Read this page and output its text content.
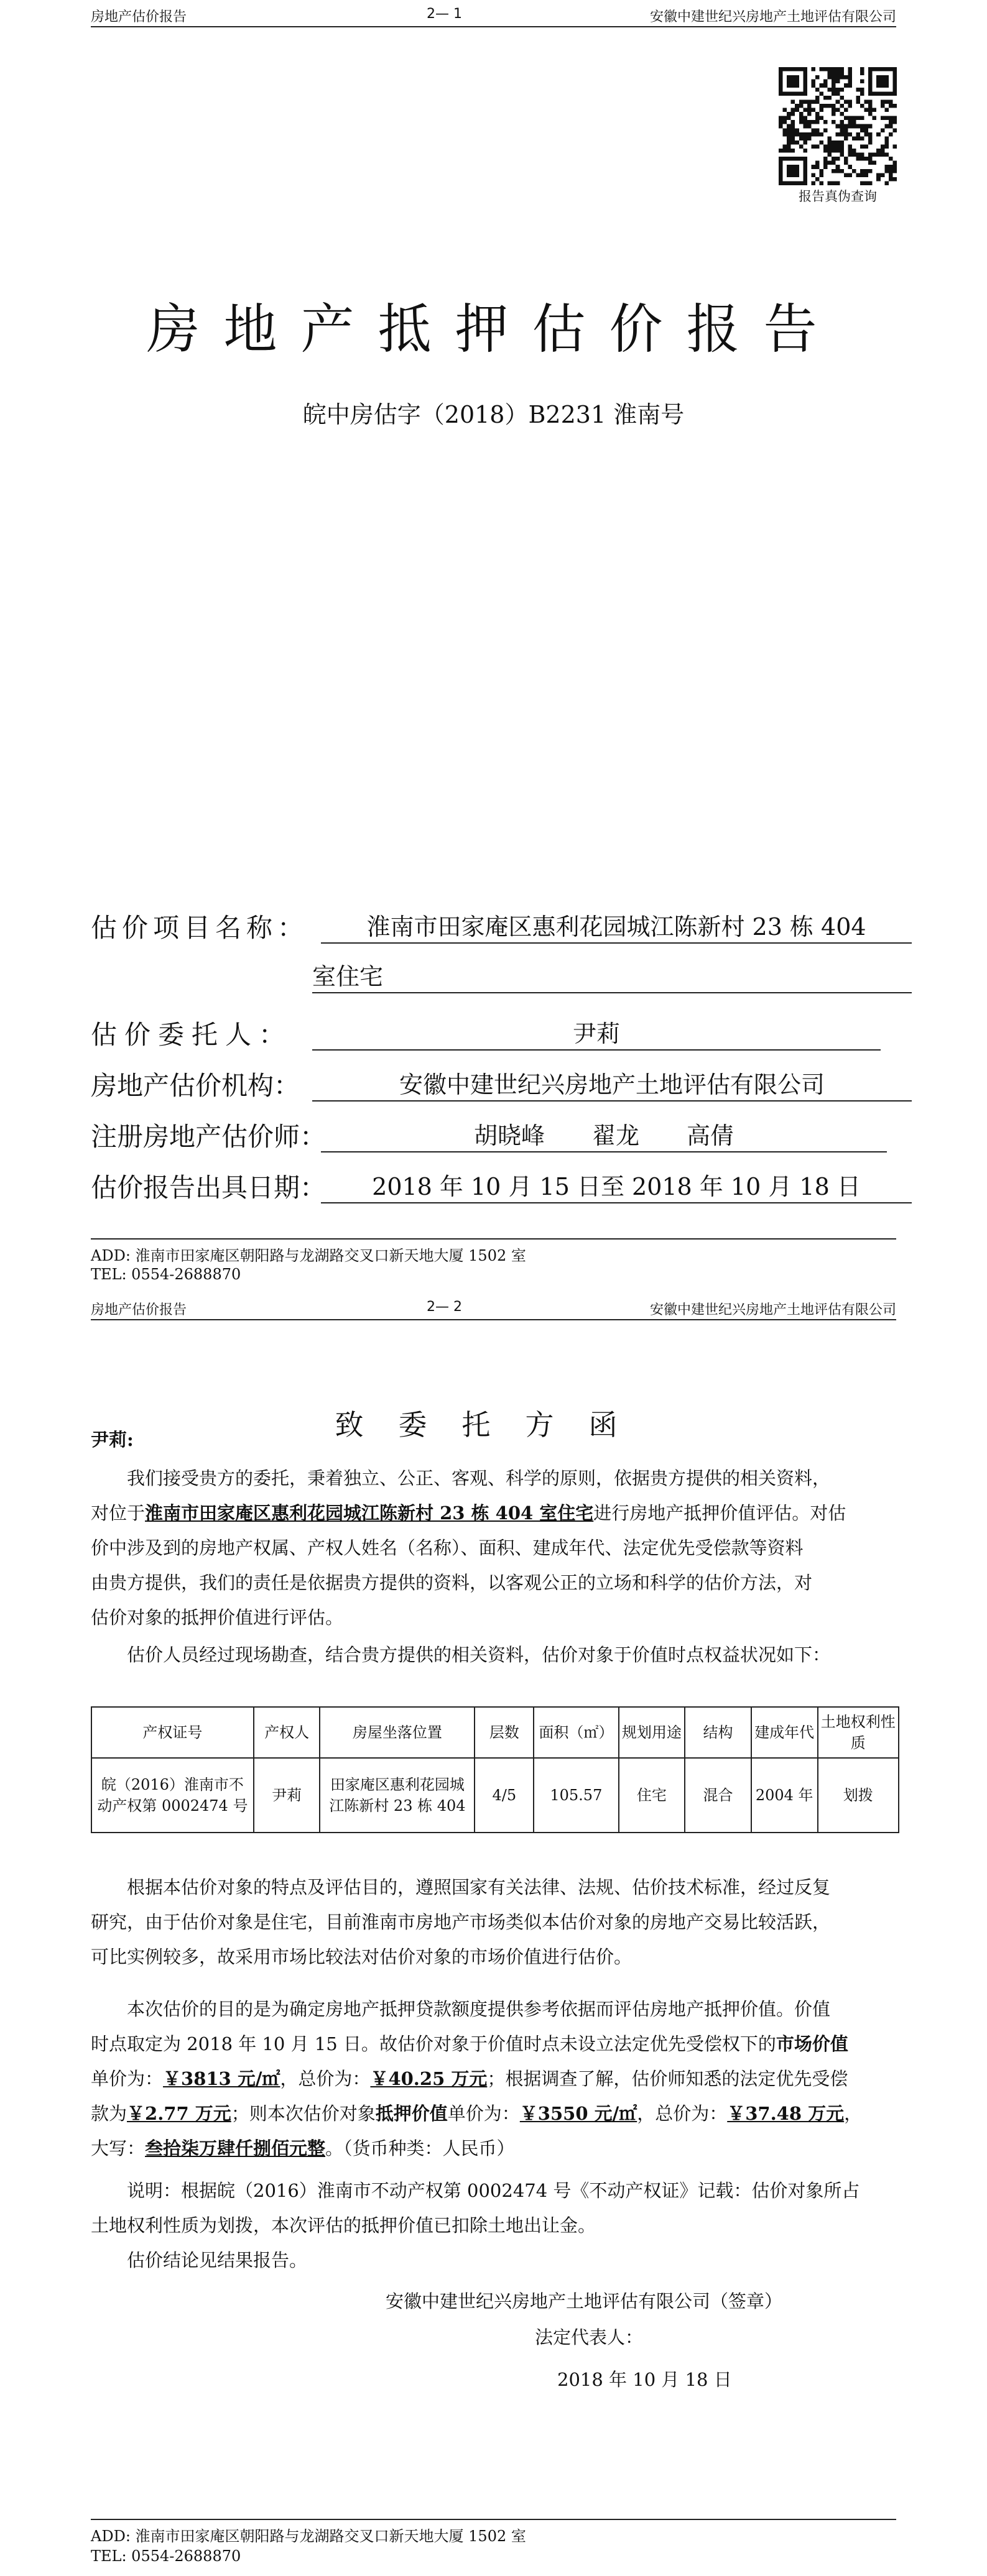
房地产估价报告	2— 1	安徽中建世纪兴房地产土地评估有限公司
报告真伪查询
房地产抵押估价报告
皖中房估字（2018）B2231 淮南号
估价项目名称：	淮南市田家庵区惠利花园城江陈新村 23 栋 404
室住宅
估价委托人：	尹莉
房地产估价机构：	安徽中建世纪兴房地产土地评估有限公司
注册房地产估价师：	胡晓峰　　翟龙　　高倩
估价报告出具日期：	2018 年 10 月 15 日至 2018 年 10 月 18 日
ADD: 淮南市田家庵区朝阳路与龙湖路交叉口新天地大厦 1502 室
TEL: 0554-2688870
房地产估价报告	2— 2	安徽中建世纪兴房地产土地评估有限公司
致委托方函
尹莉:
我们接受贵方的委托，秉着独立、公正、客观、科学的原则，依据贵方提供的相关资料，
对位于淮南市田家庵区惠利花园城江陈新村 23 栋 404 室住宅进行房地产抵押价值评估。对估
价中涉及到的房地产权属、产权人姓名（名称）、面积、建成年代、法定优先受偿款等资料
由贵方提供，我们的责任是依据贵方提供的资料，以客观公正的立场和科学的估价方法，对
估价对象的抵押价值进行评估。
估价人员经过现场勘查，结合贵方提供的相关资料，估价对象于价值时点权益状况如下：
产权证号	产权人	房屋坐落位置	层数	面积（㎡）	规划用途	结构	建成年代	土地权利性质
皖（2016）淮南市不动产权第 0002474 号	尹莉	田家庵区惠利花园城江陈新村 23 栋 404	4/5	105.57	住宅	混合	2004 年	划拨
根据本估价对象的特点及评估目的，遵照国家有关法律、法规、估价技术标准，经过反复
研究，由于估价对象是住宅，目前淮南市房地产市场类似本估价对象的房地产交易比较活跃，
可比实例较多，故采用市场比较法对估价对象的市场价值进行估价。
本次估价的目的是为确定房地产抵押贷款额度提供参考依据而评估房地产抵押价值。价值
时点取定为 2018 年 10 月 15 日。故估价对象于价值时点未设立法定优先受偿权下的市场价值
单价为：￥3813 元/㎡，总价为：￥40.25 万元；根据调查了解，估价师知悉的法定优先受偿
款为￥2.77 万元；则本次估价对象抵押价值单价为：￥3550 元/㎡，总价为：￥37.48 万元，
大写：叁拾柒万肆仟捌佰元整。（货币种类：人民币）
说明：根据皖（2016）淮南市不动产权第 0002474 号《不动产权证》记载：估价对象所占
土地权利性质为划拨，本次评估的抵押价值已扣除土地出让金。
估价结论见结果报告。
安徽中建世纪兴房地产土地评估有限公司（签章）
法定代表人：
2018 年 10 月 18 日
ADD: 淮南市田家庵区朝阳路与龙湖路交叉口新天地大厦 1502 室
TEL: 0554-2688870
